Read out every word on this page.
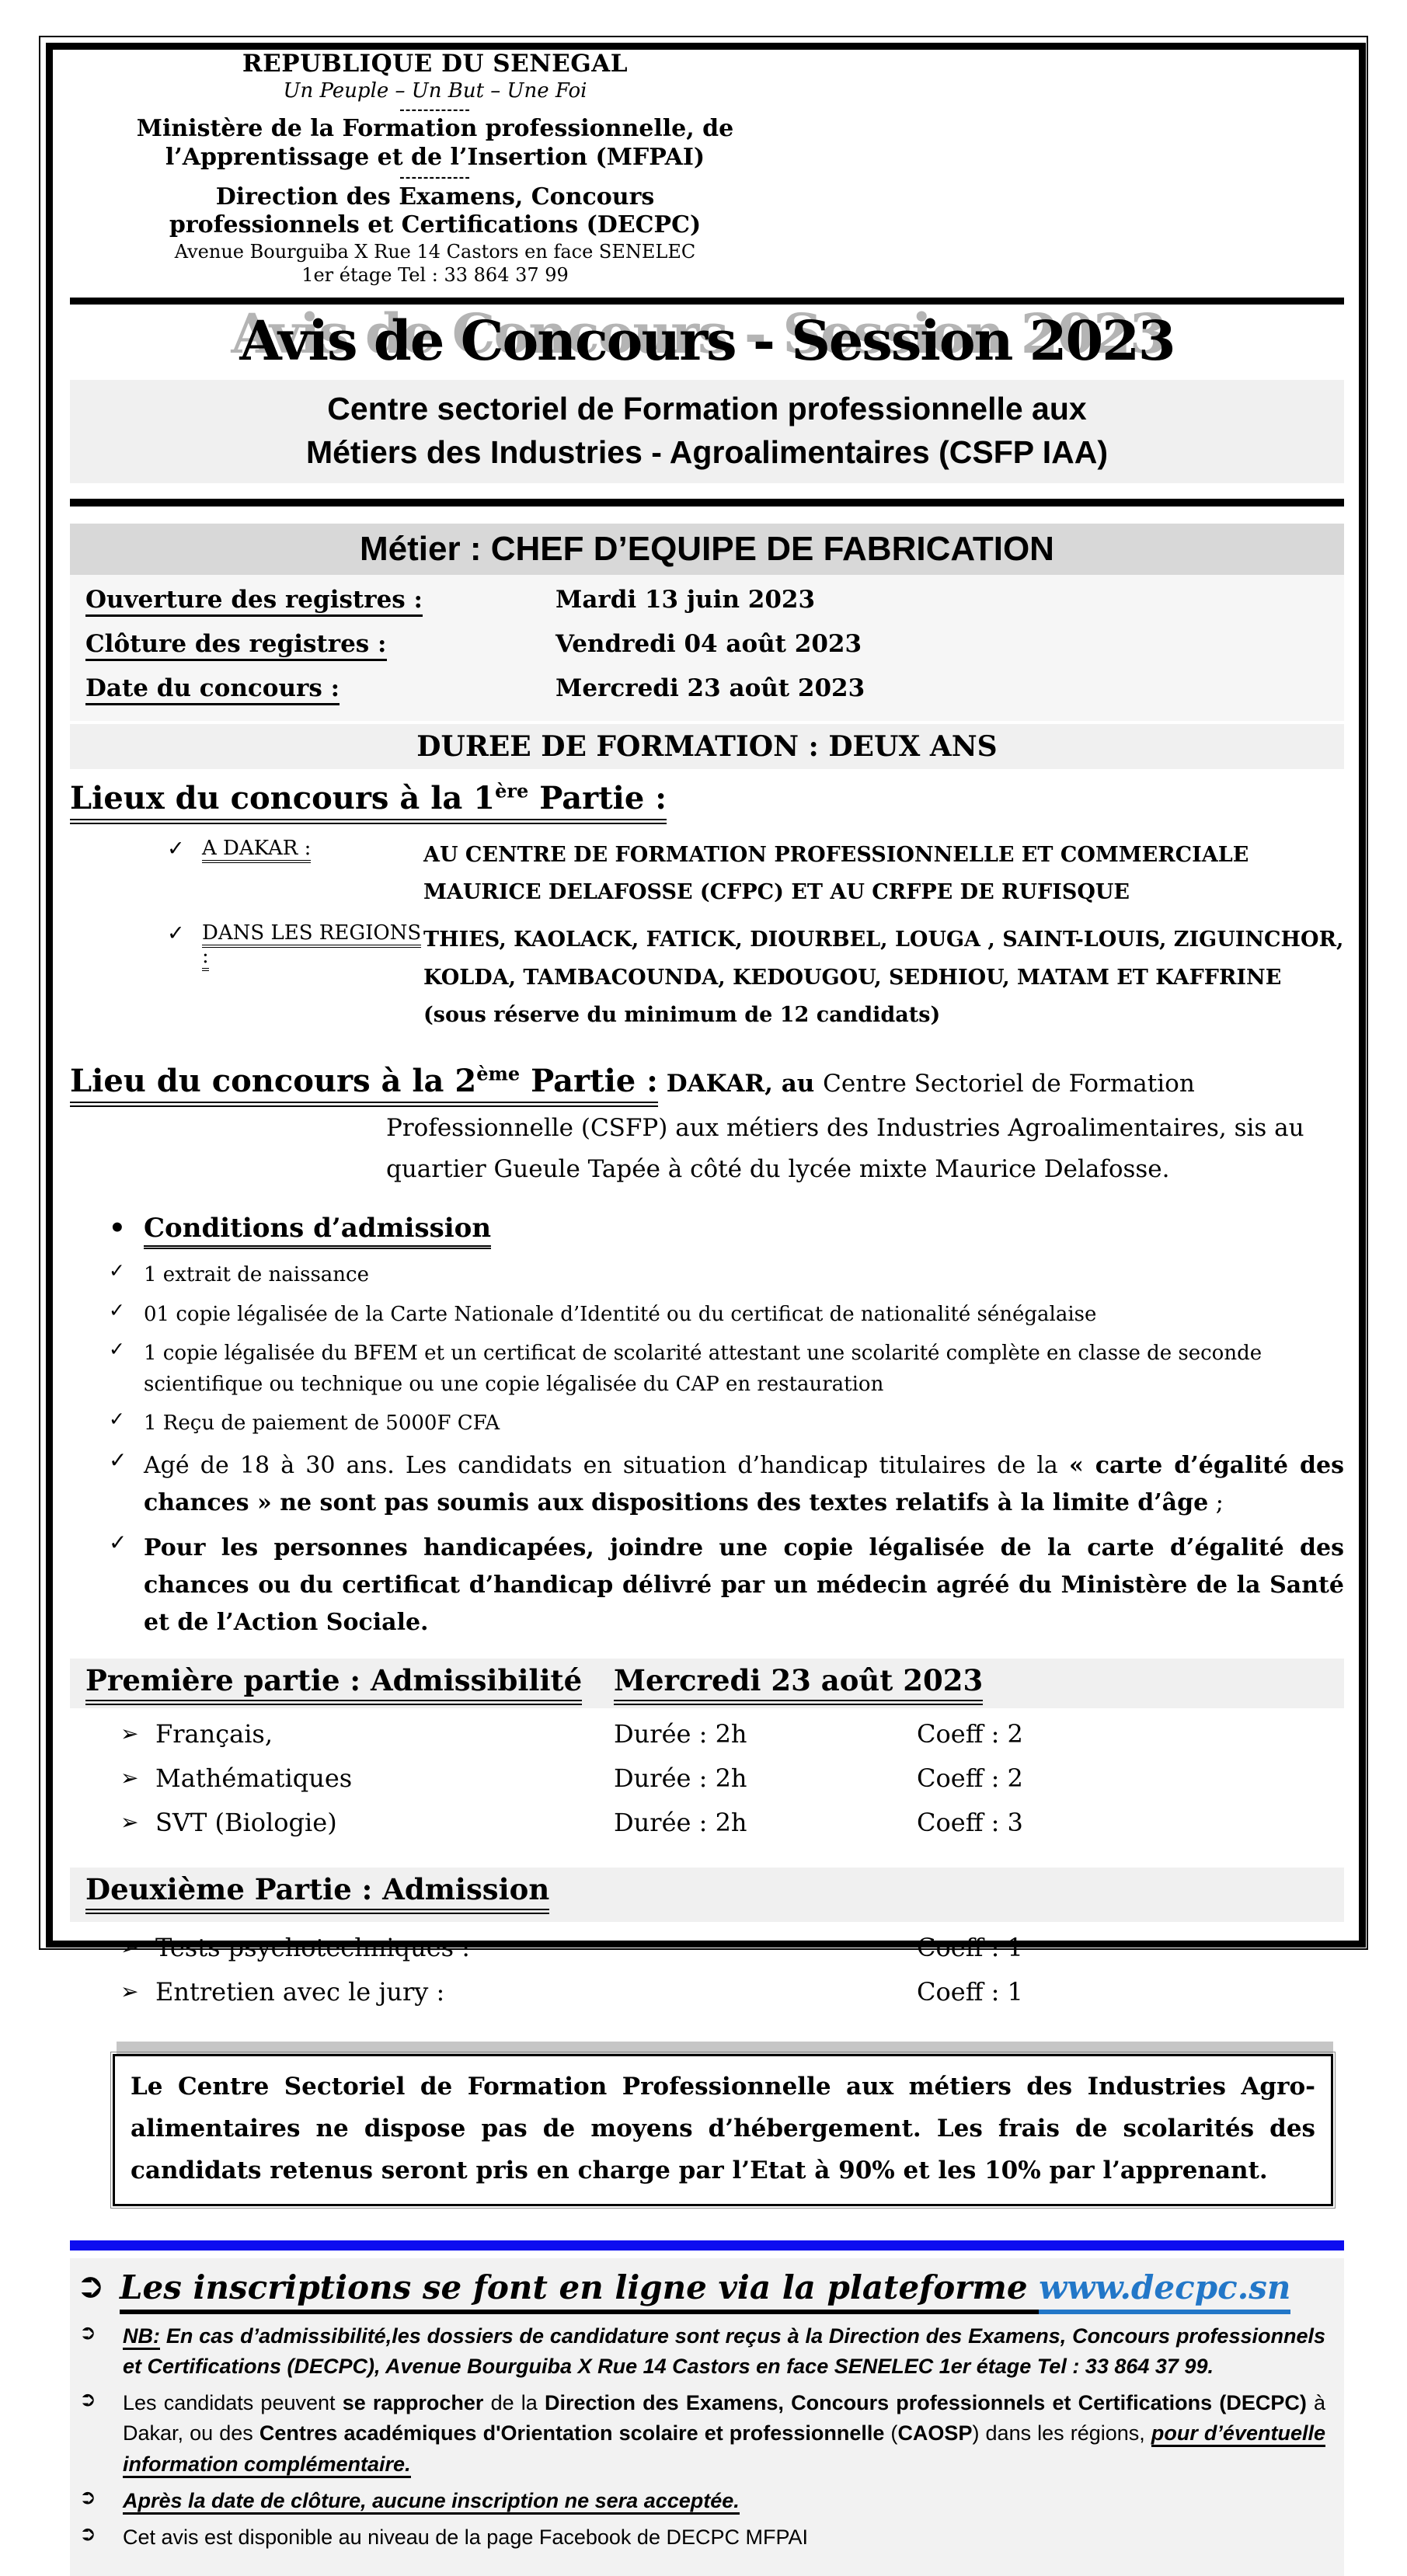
REPUBLIQUE DU SENEGAL
Un Peuple – Un But – Une Foi
------------
Ministère de la Formation professionnelle, de
l’Apprentissage et de l’Insertion (MFPAI)
------------
Direction des Examens, Concours
professionnels et Certifications (DECPC)
Avenue Bourguiba X Rue 14 Castors en face SENELEC
1er étage Tel : 33 864 37 99
Avis de Concours - Session 2023
Centre sectoriel de Formation professionnelle aux
Métiers des Industries - Agroalimentaires (CSFP IAA)
Métier : CHEF D’EQUIPE DE FABRICATION
Ouverture des registres :	Mardi 13 juin 2023
Clôture des registres :	Vendredi 04 août 2023
Date du concours :	Mercredi 23 août 2023
DUREE DE FORMATION : DEUX ANS
Lieux du concours à la 1ère Partie :
✓ A DAKAR :	AU CENTRE DE FORMATION PROFESSIONNELLE ET COMMERCIALE MAURICE DELAFOSSE (CFPC) ET AU CRFPE DE RUFISQUE
✓ DANS LES REGIONS :
THIES, KAOLACK, FATICK, DIOURBEL, LOUGA , SAINT-LOUIS, ZIGUINCHOR, KOLDA, TAMBACOUNDA, KEDOUGOU, SEDHIOU, MATAM ET KAFFRINE (sous réserve du minimum de 12 candidats)
Lieu du concours à la 2ème Partie : DAKAR, au Centre Sectoriel de Formation Professionnelle (CSFP) aux métiers des Industries Agroalimentaires, sis au quartier Gueule Tapée à côté du lycée mixte Maurice Delafosse.
• Conditions d’admission
✓ 1 extrait de naissance
✓ 01 copie légalisée de la Carte Nationale d’Identité ou du certificat de nationalité sénégalaise
✓ 1 copie légalisée du BFEM et un certificat de scolarité attestant une scolarité complète en classe de seconde scientifique ou technique ou une copie légalisée du CAP en restauration
✓ 1 Reçu de paiement de 5000F CFA
✓ Agé de 18 à 30 ans. Les candidats en situation d’handicap titulaires de la « carte d’égalité des chances » ne sont pas soumis aux dispositions des textes relatifs à la limite d’âge ;
✓ Pour les personnes handicapées, joindre une copie légalisée de la carte d’égalité des chances ou du certificat d’handicap délivré par un médecin agréé du Ministère de la Santé et de l’Action Sociale.
Première partie : Admissibilité Mercredi 23 août 2023
➢ Français,	Durée : 2h	Coeff : 2
➢ Mathématiques	Durée : 2h	Coeff : 2
➢ SVT (Biologie)	Durée : 2h	Coeff : 3
Deuxième Partie : Admission
➢ Tests psychotechniques :	Coeff : 1
➢ Entretien avec le jury :	Coeff : 1
Le Centre Sectoriel de Formation Professionnelle aux métiers des Industries Agro-alimentaires ne dispose pas de moyens d’hébergement. Les frais de scolarités des candidats retenus seront pris en charge par l’Etat à 90% et les 10% par l’apprenant.
➲ Les inscriptions se font en ligne via la plateforme www.decpc.sn
➲	NB: En cas d’admissibilité,les dossiers de candidature sont reçus à la Direction des Examens, Concours professionnels et Certifications (DECPC), Avenue Bourguiba X Rue 14 Castors en face SENELEC 1er étage Tel : 33 864 37 99.
➲	Les candidats peuvent se rapprocher de la Direction des Examens, Concours professionnels et Certifications (DECPC) à Dakar, ou des Centres académiques d'Orientation scolaire et professionnelle (CAOSP) dans les régions, pour d’éventuelle information complémentaire.
➲	Après la date de clôture, aucune inscription ne sera acceptée.
➲	Cet avis est disponible au niveau de la page Facebook de DECPC MFPAI
